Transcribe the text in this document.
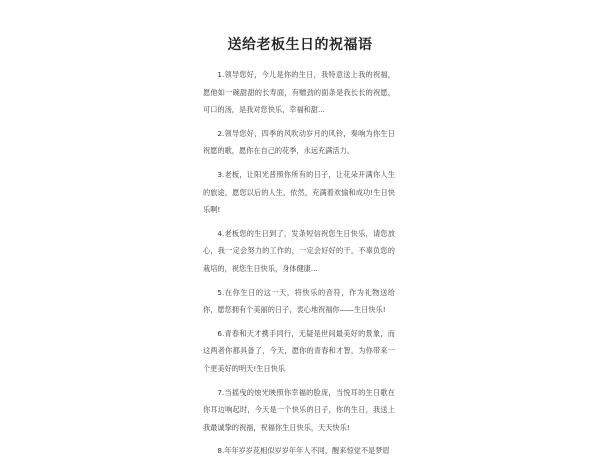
送给老板生日的祝福语

1.领导您好，今儿是你的生日，我特意送上我的祝福，愿他如一碗甜甜的长寿面，有赠劲的面条是我长长的祝愿，可口的汤，是我对您快乐，幸福和甜...

2.领导您好，四季的风吹动岁月的风铃，奏响为你生日祝愿的歌，愿你在自己的花季，永远充满活力。

3.老板，让阳光普照你所有的日子，让花朵开满你人生的旅途，愿您以后的人生，依然，充满着欢愉和成功!生日快乐啊!

4.老板您的生日到了，发条短信祝您生日快乐，请您放心，我一定会努力的工作的，一定会好好的干，不辜负您的栽培的，祝您生日快乐，身体健康...

5.在你生日的这一天，将快乐的音符，作为礼物送给你，愿您拥有个美丽的日子，衷心地祝福你——生日快乐!

6.青春和天才携手同行，无疑是世间最美好的景象，而这两者你都具备了，今天，愿你的青春和才智，为你带来一个更美好的明天!生日快乐

7.当摇曳的烛光映照你幸福的脸庞，当悦耳的生日歌在你耳边响起时，今天是一个快乐的日子，你的生日，我送上我最诚挚的祝福，祝福你生日快乐，天天快乐!

8.年年岁岁花相似岁岁年年人不同，醒来惊觉不是梦眉
